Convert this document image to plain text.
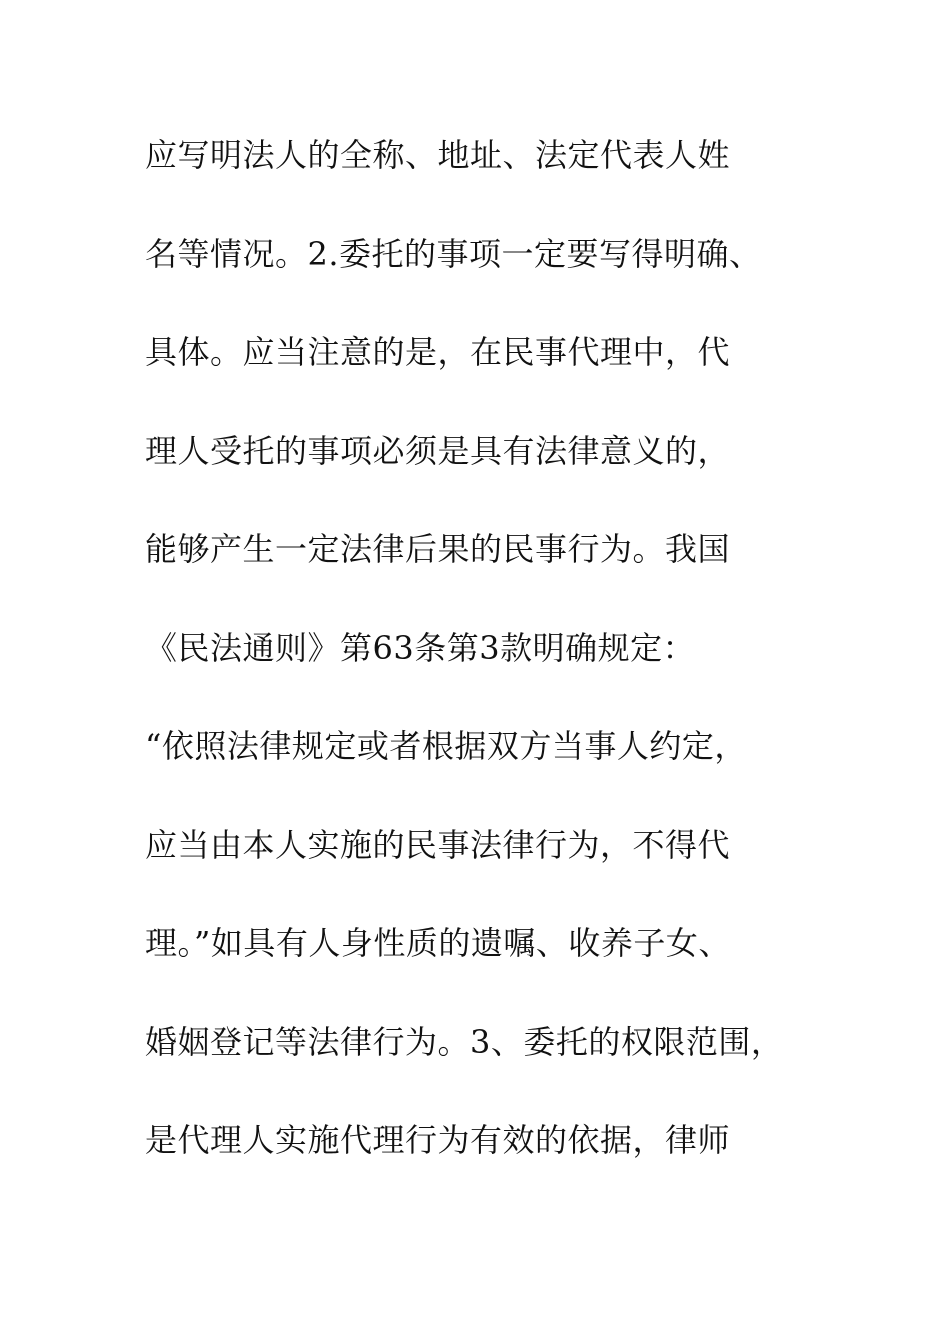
应写明法人的全称、地址、法定代表人姓
名等情况。2.委托的事项一定要写得明确、
具体。应当注意的是，在民事代理中，代
理人受托的事项必须是具有法律意义的，
能够产生一定法律后果的民事行为。我国
《民法通则》第63条第3款明确规定：
“依照法律规定或者根据双方当事人约定，
应当由本人实施的民事法律行为，不得代
理。”如具有人身性质的遗嘱、收养子女、
婚姻登记等法律行为。3、委托的权限范围，
是代理人实施代理行为有效的依据，律师
